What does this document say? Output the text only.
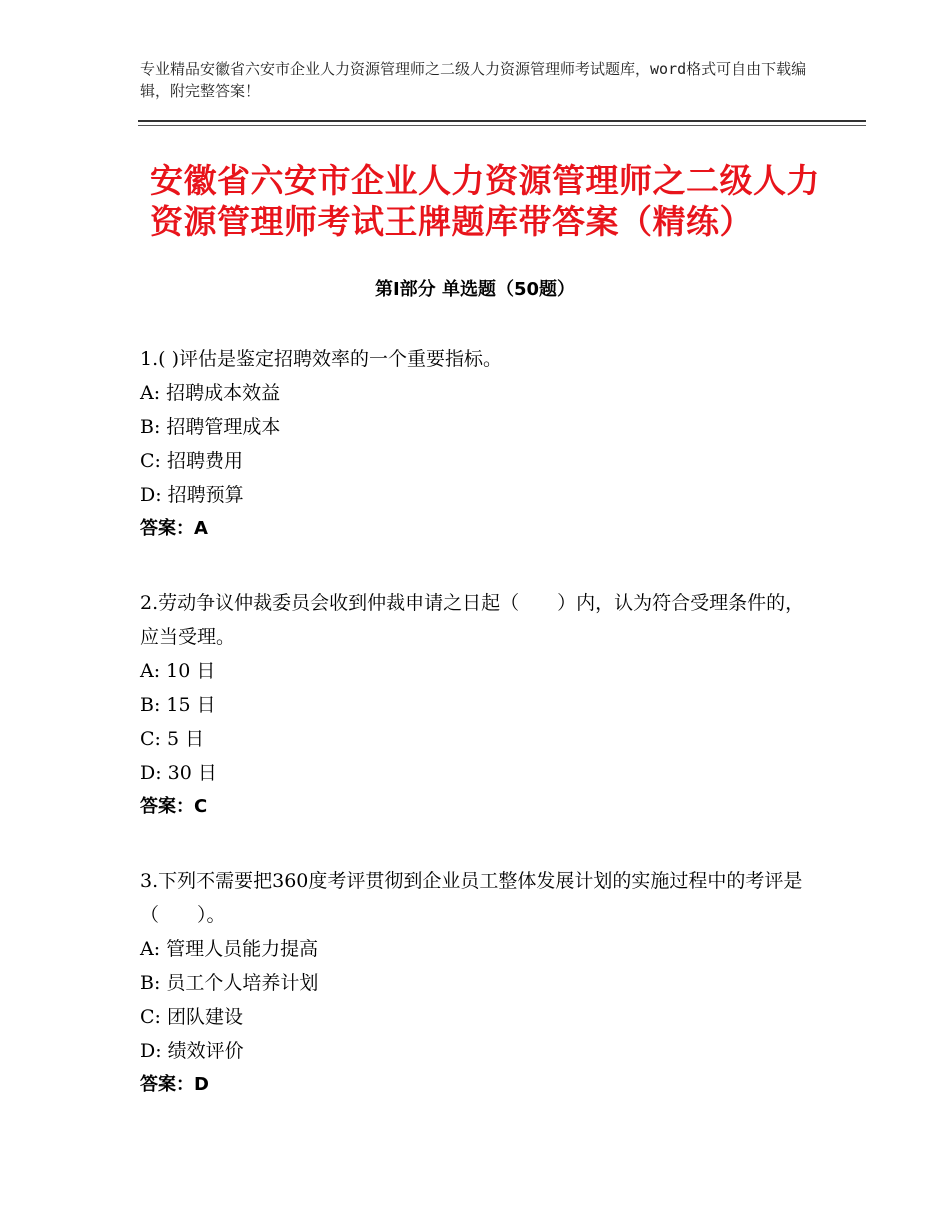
专业精品安徽省六安市企业人力资源管理师之二级人力资源管理师考试题库，word格式可自由下载编辑，附完整答案！
安徽省六安市企业人力资源管理师之二级人力资源管理师考试王牌题库带答案（精练）
第Ⅰ部分 单选题（50题）
1.( )评估是鉴定招聘效率的一个重要指标。
A: 招聘成本效益
B: 招聘管理成本
C: 招聘费用
D: 招聘预算
答案：A
2.劳动争议仲裁委员会收到仲裁申请之日起（　　）内，认为符合受理条件的，应当受理。
A: 10 日
B: 15 日
C: 5 日
D: 30 日
答案：C
3.下列不需要把360度考评贯彻到企业员工整体发展计划的实施过程中的考评是（　　）。
A: 管理人员能力提高
B: 员工个人培养计划
C: 团队建设
D: 绩效评价
答案：D
